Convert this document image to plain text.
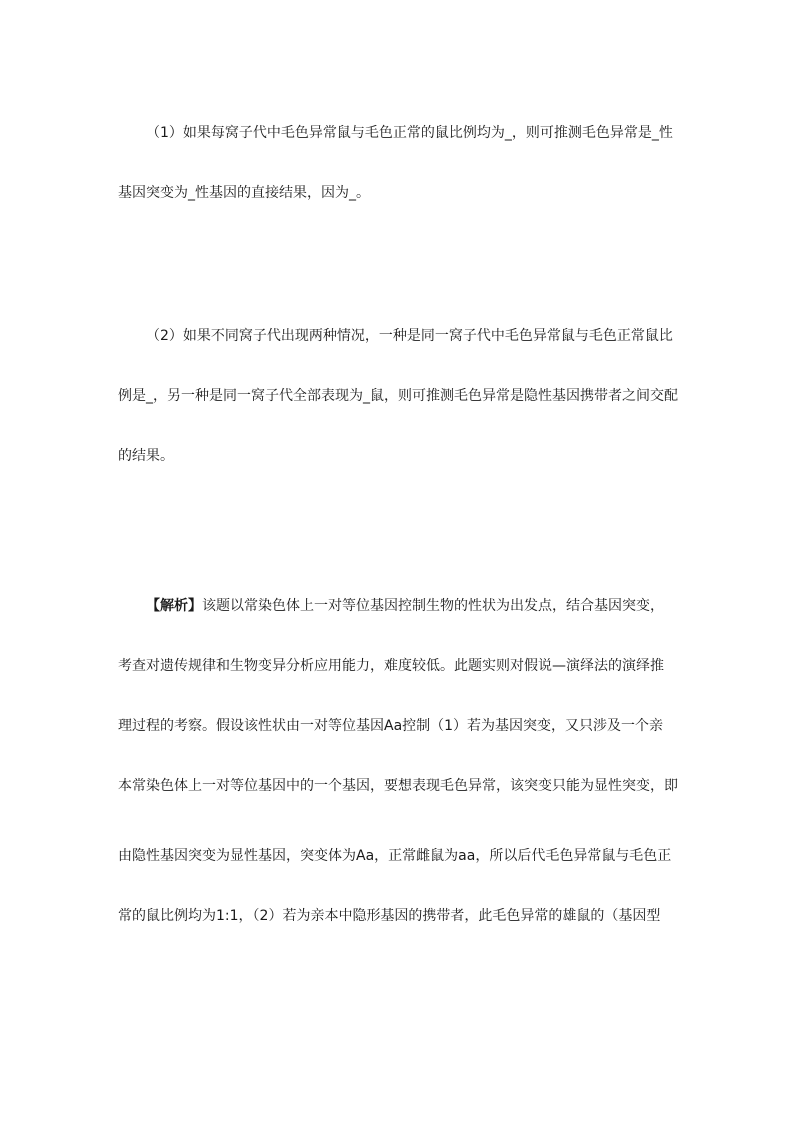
（1）如果每窝子代中毛色异常鼠与毛色正常的鼠比例均为_，则可推测毛色异常是_性
基因突变为_性基因的直接结果，因为_。
（2）如果不同窝子代出现两种情况，一种是同一窝子代中毛色异常鼠与毛色正常鼠比
例是_，另一种是同一窝子代全部表现为_鼠，则可推测毛色异常是隐性基因携带者之间交配
的结果。
【解析】该题以常染色体上一对等位基因控制生物的性状为出发点，结合基因突变，
考查对遗传规律和生物变异分析应用能力，难度较低。此题实则对假说—演绎法的演绎推
理过程的考察。假设该性状由一对等位基因Aa控制（1）若为基因突变，又只涉及一个亲
本常染色体上一对等位基因中的一个基因，要想表现毛色异常，该突变只能为显性突变，即
由隐性基因突变为显性基因，突变体为Aa，正常雌鼠为aa，所以后代毛色异常鼠与毛色正
常的鼠比例均为1:1，（2）若为亲本中隐形基因的携带者，此毛色异常的雄鼠的（基因型
